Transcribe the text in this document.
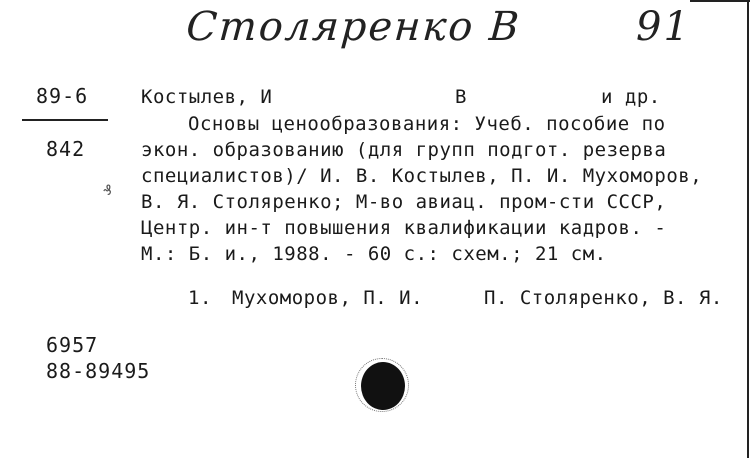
Столяренко В	91
89-6
842
Костылев, И	В	и др.
Основы ценообразования: Учеб. пособие по
экон. образованию (для групп подгот. резерва
специалистов)/ И. В. Костылев, П. И. Мухоморов,
В. Я. Столяренко; М-во авиац. пром-сти СССР,
Центр. ин-т повышения квалификации кадров. -
М.: Б. и., 1988. - 60 с.: схем.; 21 см.
1. Мухоморов, П. И.	П. Столяренко, В. Я.
6957
88-89495
₰
